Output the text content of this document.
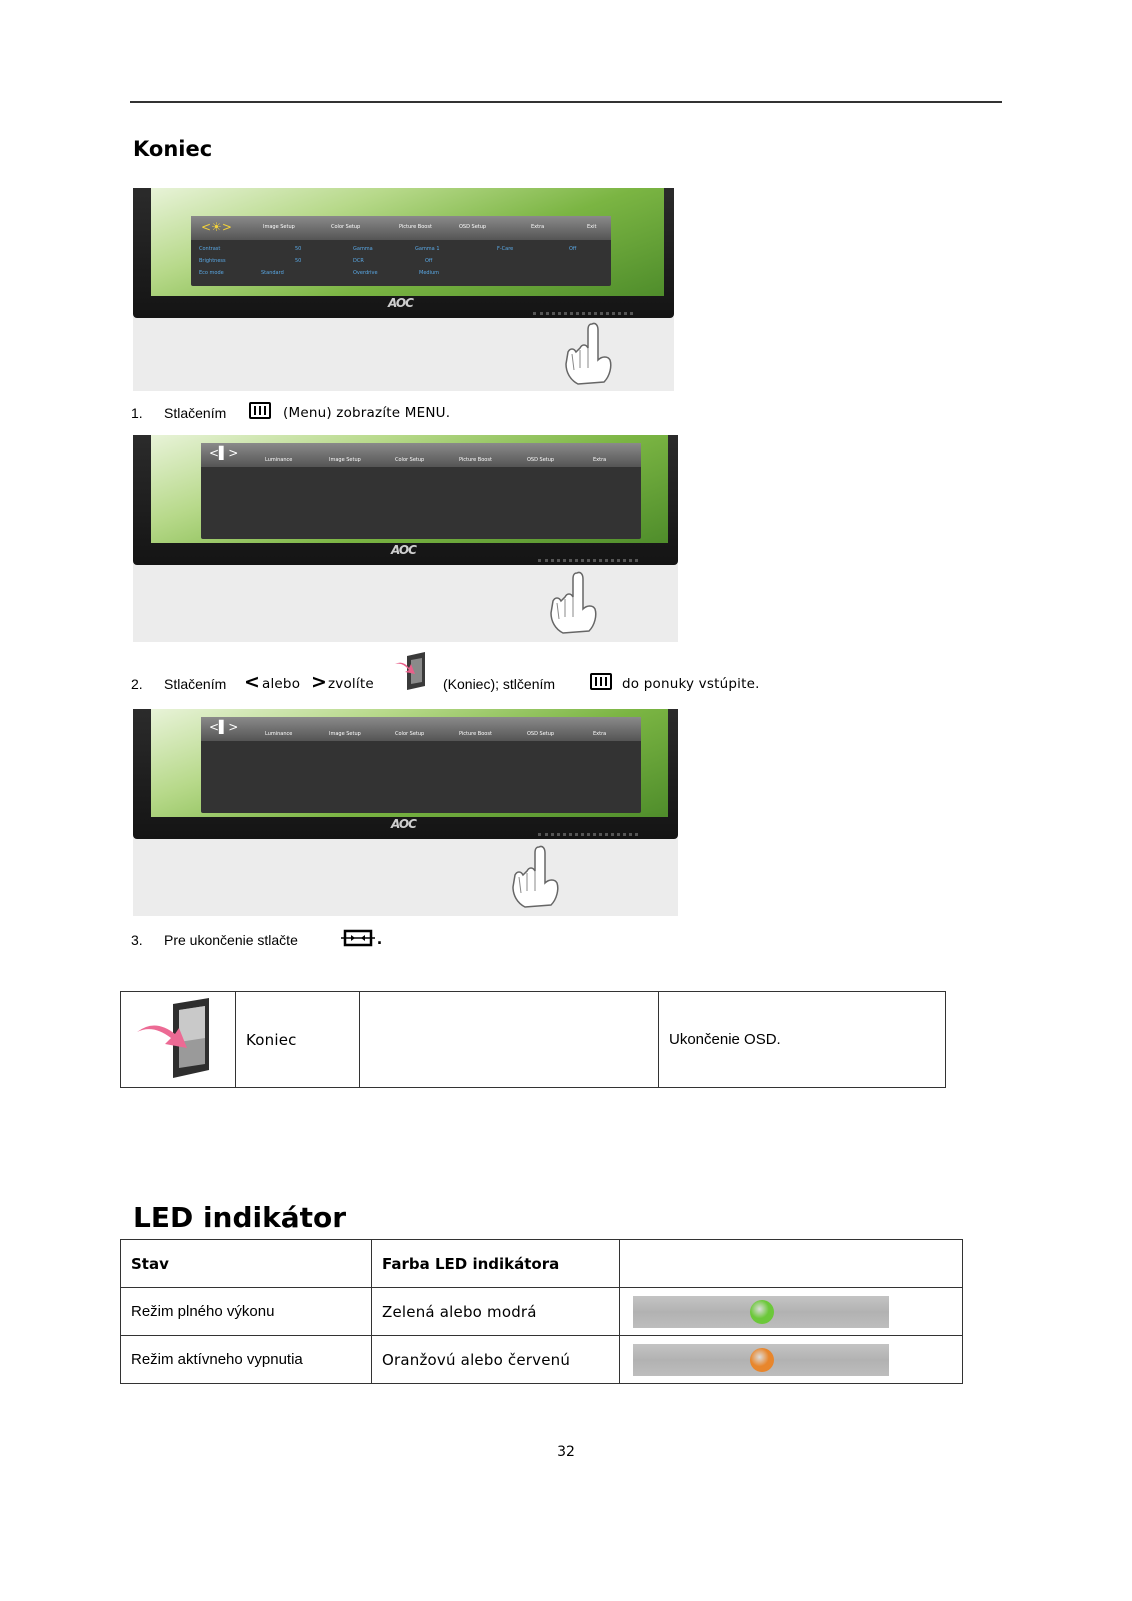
Koniec
<☀>	Image Setup	Color Setup	Picture Boost	OSD Setup	Extra	Exit
Contrast	50	Gamma	Gamma 1	F-Care	Off
Brightness	50	DCR	Off
Eco mode	Standard	Overdrive	Medium
AOC
1. Stlačením	(Menu) zobrazíte MENU.
<▌>	Luminance	Image Setup	Color Setup	Picture Boost	OSD Setup	Extra
AOC
2. Stlačením < alebo > zvolíte	(Koniec); stlčením	do ponuky vstúpite.
<▌>	Luminance	Image Setup	Color Setup	Picture Boost	OSD Setup	Extra
AOC
3. Pre ukončenie stlačte	.
	Koniec		Ukončenie OSD.
LED indikátor
Stav	Farba LED indikátora	
Režim plného výkonu	Zelená alebo modrá	

Režim aktívneho vypnutia	Oranžovú alebo červenú	
32
